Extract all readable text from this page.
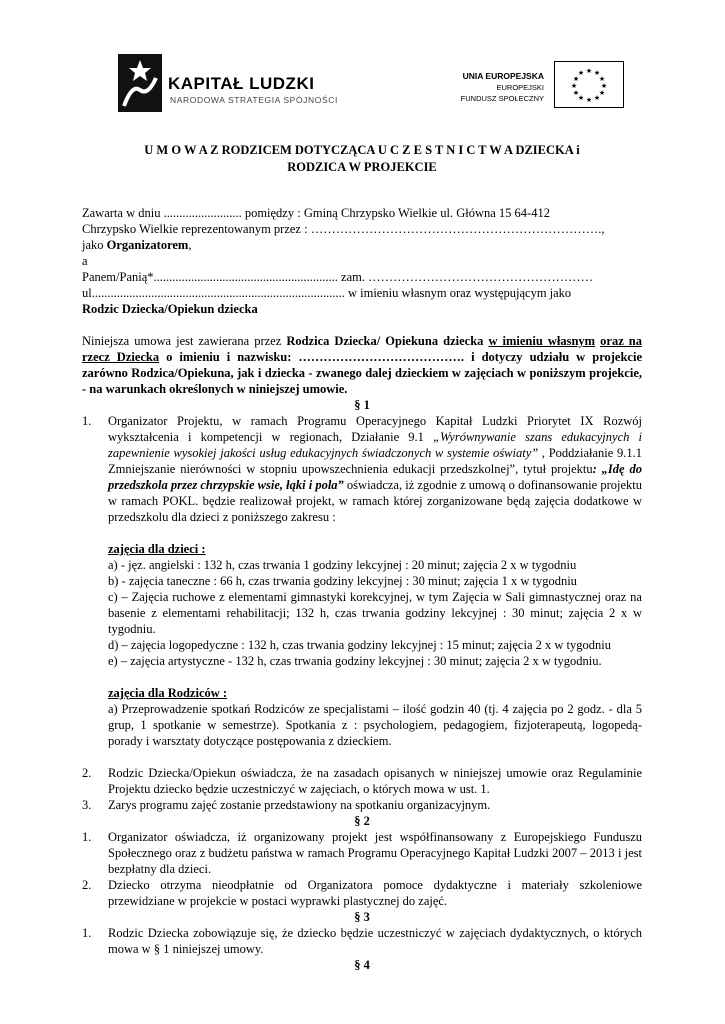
KAPITAŁ LUDZKI
NARODOWA STRATEGIA SPÓJNOŚCI
UNIA EUROPEJSKA
EUROPEJSKI
FUNDUSZ SPOŁECZNY
★ ★
★
★
★
★
★
★
★
★
★
★
U M O W A Z RODZICEM DOTYCZĄCA U C Z E S T N I C T W A DZIECKA i
RODZICA W PROJEKCIE

Zawarta w dniu ......................... pomiędzy : Gminą Chrzypsko Wielkie ul. Główna 15 64-412

Chrzypsko Wielkie reprezentowanym przez : …………………………………………………………….,

jako Organizatorem,

a

Panem/Panią*........................................................... zam. ………………………………………………

ul................................................................................. w imieniu własnym oraz występującym jako

Rodzic Dziecka/Opiekun dziecka

Niniejsza umowa jest zawierana przez Rodzica Dziecka/ Opiekuna dziecka w imieniu własnym oraz na rzecz Dziecka o imieniu i nazwisku: …………………………………. i dotyczy udziału w projekcie zarówno Rodzica/Opiekuna, jak i dziecka - zwanego dalej dzieckiem w zajęciach w poniższym projekcie, - na warunkach określonych w niniejszej umowie.

§ 1
1. Organizator Projektu, w ramach Programu Operacyjnego Kapitał Ludzki Priorytet IX Rozwój wykształcenia i kompetencji w regionach, Działanie 9.1 „Wyrównywanie szans edukacyjnych i zapewnienie wysokiej jakości usług edukacyjnych świadczonych w systemie oświaty” , Poddziałanie 9.1.1 Zmniejszanie nierówności w stopniu upowszechnienia edukacji przedszkolnej”, tytuł projektu: „Idę do przedszkola przez chrzypskie wsie, łąki i pola” oświadcza, iż zgodnie z umową o dofinansowanie projektu w ramach POKL. będzie realizował projekt, w ramach której zorganizowane będą zajęcia dodatkowe w przedszkolu dla dzieci z poniższego zakresu :
zajęcia dla dzieci :
a) - jęz. angielski : 132 h, czas trwania 1 godziny lekcyjnej : 20 minut; zajęcia 2 x w tygodniu
b) - zajęcia taneczne : 66 h, czas trwania godziny lekcyjnej : 30 minut; zajęcia 1 x w tygodniu
c) – Zajęcia ruchowe z elementami gimnastyki korekcyjnej, w tym Zajęcia w Sali gimnastycznej oraz na basenie z elementami rehabilitacji; 132 h, czas trwania godziny lekcyjnej : 30 minut; zajęcia 2 x w tygodniu.
d) – zajęcia logopedyczne : 132 h, czas trwania godziny lekcyjnej : 15 minut; zajęcia 2 x w tygodniu
e) – zajęcia artystyczne - 132 h, czas trwania godziny lekcyjnej : 30 minut; zajęcia 2 x w tygodniu.
zajęcia dla Rodziców :
a) Przeprowadzenie spotkań Rodziców ze specjalistami – ilość godzin 40 (tj. 4 zajęcia po 2 godz. - dla 5 grup, 1 spotkanie w semestrze). Spotkania z : psychologiem, pedagogiem, fizjoterapeutą, logopedą- porady i warsztaty dotyczące postępowania z dzieckiem.
2. Rodzic Dziecka/Opiekun oświadcza, że na zasadach opisanych w niniejszej umowie oraz Regulaminie Projektu dziecko będzie uczestniczyć w zajęciach, o których mowa w ust. 1.
3. Zarys programu zajęć zostanie przedstawiony na spotkaniu organizacyjnym.
§ 2
1. Organizator oświadcza, iż organizowany projekt jest współfinansowany z Europejskiego Funduszu Społecznego oraz z budżetu państwa w ramach Programu Operacyjnego Kapitał Ludzki 2007 – 2013 i jest bezpłatny dla dzieci.
2. Dziecko otrzyma nieodpłatnie od Organizatora pomoce dydaktyczne i materiały szkoleniowe przewidziane w projekcie w postaci wyprawki plastycznej do zajęć.
§ 3
1. Rodzic Dziecka zobowiązuje się, że dziecko będzie uczestniczyć w zajęciach dydaktycznych, o których mowa w § 1 niniejszej umowy.
§ 4
